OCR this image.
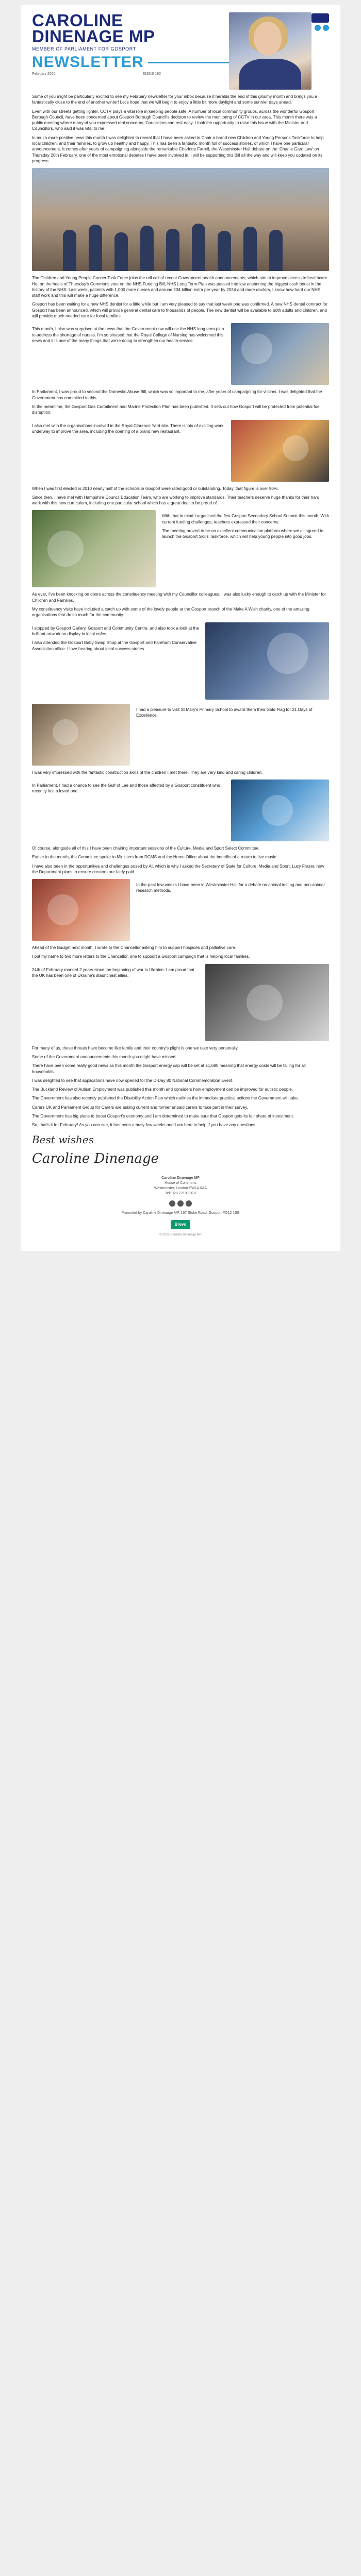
CAROLINE
DINENAGE MP
MEMBER OF PARLIAMENT FOR GOSPORT
NEWSLETTER
February 2020	ISSUE 162

Some of you might be particularly excited to see my February newsletter for your inbox because it heralds the end of this gloomy month and brings you a fantastically close to the end of another winter! Let's hope that we will begin to enjoy a little bit more daylight and some sunnier days ahead.

Even with our streets getting lighter, CCTV plays a vital role in keeping people safe. A number of local community groups, across the wonderful Gosport Borough Council, have been concerned about Gosport Borough Council's decision to review the monitoring of CCTV in our area. This month there was a public meeting where many of you expressed real concerns. Councillors can rest easy. I took the opportunity to raise this issue with the Minister and Councillors, who said it was vital to me.

In much more positive news this month I was delighted to reveal that I have been asked to Chair a brand new Children and Young Persons Taskforce to help local children, and their families, to grow up healthy and happy. This has been a fantastic month full of success stories, of which I have one particular announcement. It comes after years of campaigning alongside the remarkable Charlotte Farrell, the Westminster Hall debate on the ‘Charlie Gard Law’ on Thursday 20th February, one of the most emotional debates I have been involved in. I will be supporting this Bill all the way and will keep you updated on its progress.

The Children and Young People Cancer Task Force joins the roll call of recent Government health announcements, which aim to improve access to healthcare. Hot on the heels of Thursday's Commons vote on the NHS Funding Bill, NHS Long Term Plan was passed into law enshrining the biggest cash boost in the history of the NHS. Last week, patients with 1,000 more nurses and around £34 billion extra per year by 2024 and more doctors, I know how hard our NHS staff work and this will make a huge difference.

Gosport has been waiting for a new NHS dentist for a little while but I am very pleased to say that last week one was confirmed. A new NHS dental contract for Gosport has been announced, which will provide general dental care to thousands of people. The new dentist will be available to both adults and children, and will provide much needed care for local families.

This month, I also was surprised at the news that the Government now will use the NHS long term plan to address the shortage of nurses. I'm so pleased that the Royal College of Nursing has welcomed this news and it is one of the many things that we're doing to strengthen our health service.

In Parliament, I was proud to second the Domestic Abuse Bill, which was so important to me, after years of campaigning for victims. I was delighted that the Government has committed to this.

In the meantime, the Gosport Gas Curtailment and Marine Protection Plan has been published. It sets out how Gosport will be protected from potential fuel disruption.

I also met with the organisations involved in the Royal Clarence Yard site. There is lots of exciting work underway to improve the area, including the opening of a brand new restaurant.

When I was first elected in 2010 nearly half of the schools in Gosport were rated good or outstanding. Today, that figure is over 90%.

Since then, I have met with Hampshire Council Education Team, who are working to improve standards. Their teachers deserve huge thanks for their hard work with this new curriculum, including one particular school which has a great deal to be proud of.

With that in mind I organised the first Gosport Secondary School Summit this month. With current funding challenges, teachers expressed their concerns.

The meeting proved to be an excellent communication platform where we all agreed to launch the Gosport Skills Taskforce, which will help young people into good jobs.

As ever, I've been knocking on doors across the constituency meeting with my Councillor colleagues. I was also lucky enough to catch up with the Minister for Children and Families.

My constituency visits have included a catch up with some of the lovely people at the Gosport branch of the Make A Wish charity, one of the amazing organisations that do so much for the community.

I stopped by Gosport Gallery, Gosport and Community Centre, and also took a look at the brilliant artwork on display in local cafes.

I also attended the Gosport Baby Swap Shop at the Gosport and Fareham Conservative Association office. I love hearing about local success stories.

I had a pleasure to visit St Mary's Primary School to award them their Gold Flag for 21 Days of Excellence.

I was very impressed with the fantastic construction skills of the children I met there. They are very kind and caring children.

In Parliament, I had a chance to see the Gulf of Lee and those affected by a Gosport constituent who recently lost a loved one.

Of course, alongside all of this I have been chairing important sessions of the Culture, Media and Sport Select Committee.

Earlier in the month, the Committee spoke to Ministers from DCMS and the Home Office about the benefits of a return to live music.

I have also been in the opportunities and challenges posed by AI, which is why I asked the Secretary of State for Culture, Media and Sport, Lucy Frazer, how the Department plans to ensure creators are fairly paid.

In the past few weeks I have been in Westminster Hall for a debate on animal testing and non-animal research methods.

Ahead of the Budget next month, I wrote to the Chancellor asking him to support hospices and palliative care.

I put my name to two more letters to the Chancellor, one to support a Gosport campaign that is helping local families.

24th of February marked 2 years since the beginning of war in Ukraine. I am proud that the UK has been one of Ukraine's staunchest allies.

For many of us, these threats have become like family and their country's plight is one we take very personally.

Some of the Government announcements this month you might have missed:

There have been some really good news as this month the Gosport energy cap will be set at £1,690 meaning that energy costs will be falling for all households.

I was delighted to see that applications have now opened for the D-Day 80 National Commemoration Event.

The Buckland Review of Autism Employment was published this month and considers how employment can be improved for autistic people.

The Government has also recently published the Disability Action Plan which outlines the immediate practical actions the Government will take.

Carers UK and Parliament Group for Carers are asking current and former unpaid carers to take part in their survey.

The Government has big plans to boost Gosport's economy and I am determined to make sure that Gosport gets its fair share of investment.

So, that's it for February! As you can see, it has been a busy few weeks and I am here to help if you have any questions.

Best wishes
Caroline Dinenage
Caroline Dinenage MP
House of Commons
Westminster, London SW1A 0AA
Tel: 020 7219 7078
Promoted by Caroline Dinenage MP, 167 Stoke Road, Gosport PO12 1SE
Brevo
© 2025 Caroline Dinenage MP
